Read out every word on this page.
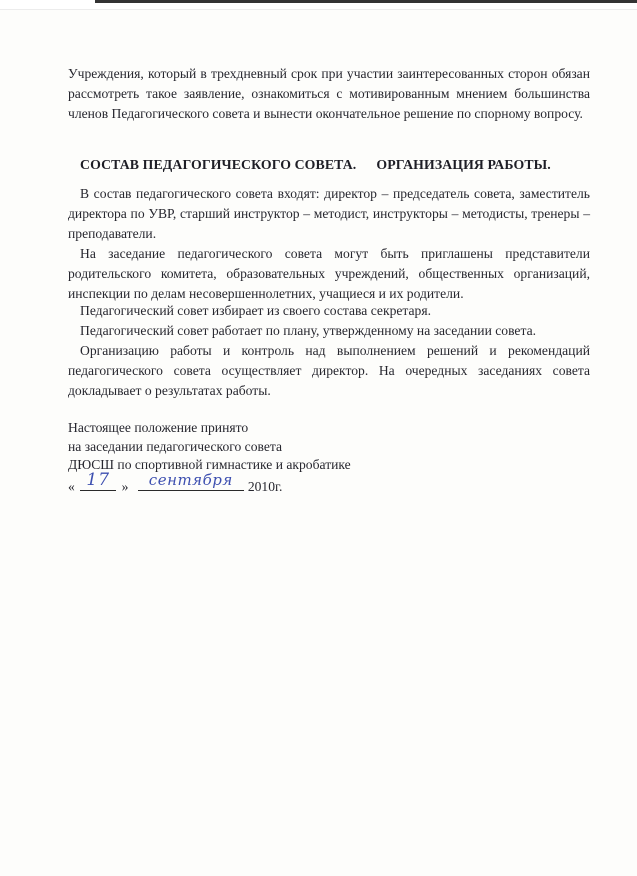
Учреждения, который в трехдневный срок при участии заинтересованных сторон обязан рассмотреть такое заявление, ознакомиться с мотивированным мнением большинства членов Педагогического совета и вынести окончательное решение по спорному вопросу.

СОСТАВ ПЕДАГОГИЧЕСКОГО СОВЕТА. ОРГАНИЗАЦИЯ РАБОТЫ.

В состав педагогического совета входят: директор – председатель совета, заместитель директора по УВР, старший инструктор – методист, инструкторы – методисты, тренеры – преподаватели.

На заседание педагогического совета могут быть приглашены представители родительского комитета, образовательных учреждений, общественных организаций, инспекции по делам несовершеннолетних, учащиеся и их родители.

Педагогический совет избирает из своего состава секретаря.

Педагогический совет работает по плану, утвержденному на заседании совета.

Организацию работы и контроль над выполнением решений и рекомендаций педагогического совета осуществляет директор. На очередных заседаниях совета докладывает о результатах работы.

Настоящее положение принято
на заседании педагогического совета
ДЮСШ по спортивной гимнастике и акробатике
« 17 »	сентября	2010г.
